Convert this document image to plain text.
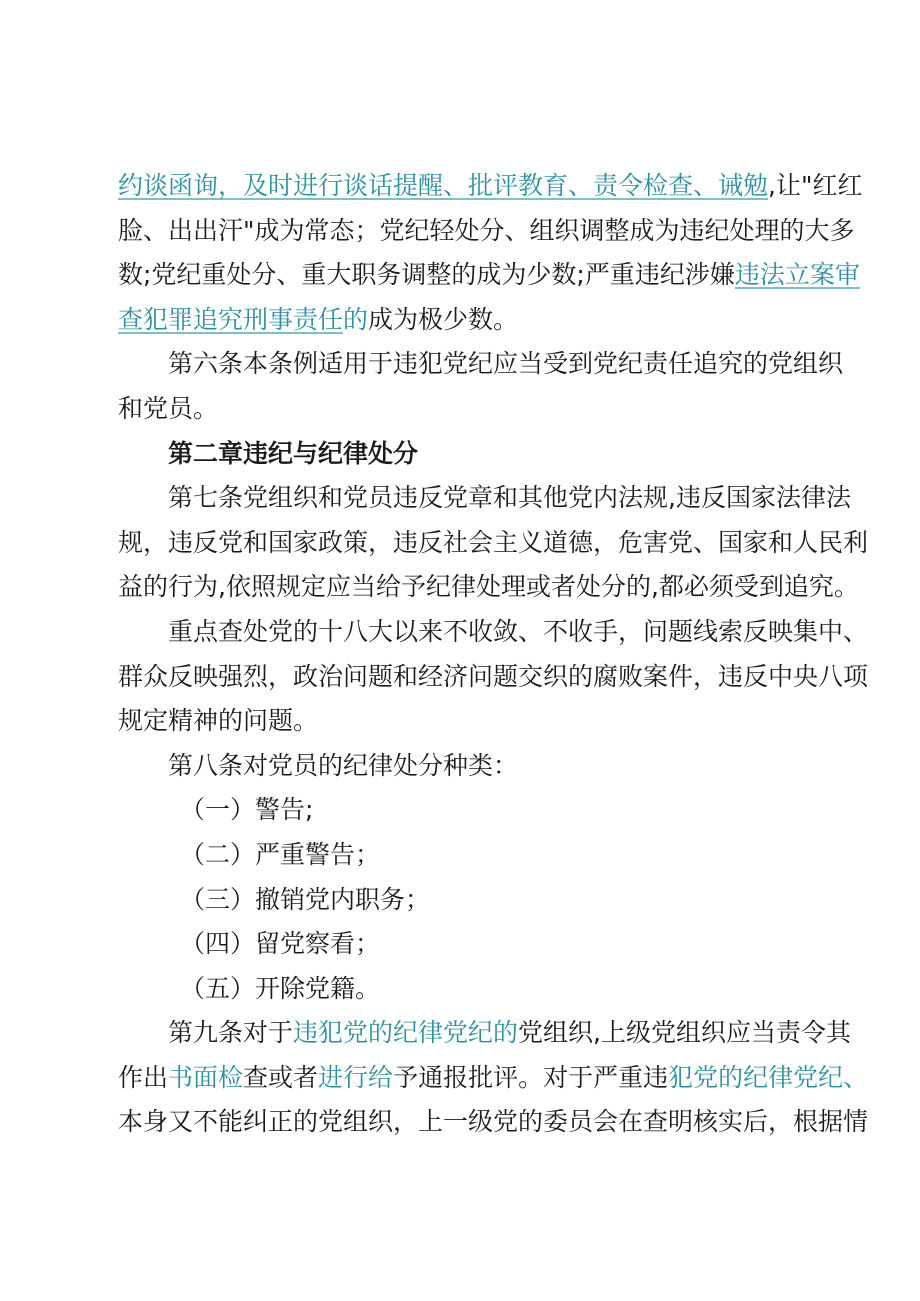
约谈函询，及时进行谈话提醒、批评教育、责令检查、诫勉,让"红红
脸、出出汗"成为常态；党纪轻处分、组织调整成为违纪处理的大多
数;党纪重处分、重大职务调整的成为少数;严重违纪涉嫌违法立案审
查犯罪追究刑事责任的成为极少数。
第六条本条例适用于违犯党纪应当受到党纪责任追究的党组织
和党员。
第二章违纪与纪律处分
第七条党组织和党员违反党章和其他党内法规,违反国家法律法
规，违反党和国家政策，违反社会主义道德，危害党、国家和人民利
益的行为,依照规定应当给予纪律处理或者处分的,都必须受到追究。
重点查处党的十八大以来不收敛、不收手，问题线索反映集中、
群众反映强烈，政治问题和经济问题交织的腐败案件，违反中央八项
规定精神的问题。
第八条对党员的纪律处分种类：
（一）警告;
（二）严重警告；
（三）撤销党内职务；
（四）留党察看；
（五）开除党籍。
第九条对于违犯党的纪律党纪的党组织,上级党组织应当责令其
作出书面检查或者进行给予通报批评。对于严重违犯党的纪律党纪、
本身又不能纠正的党组织，上一级党的委员会在查明核实后，根据情
